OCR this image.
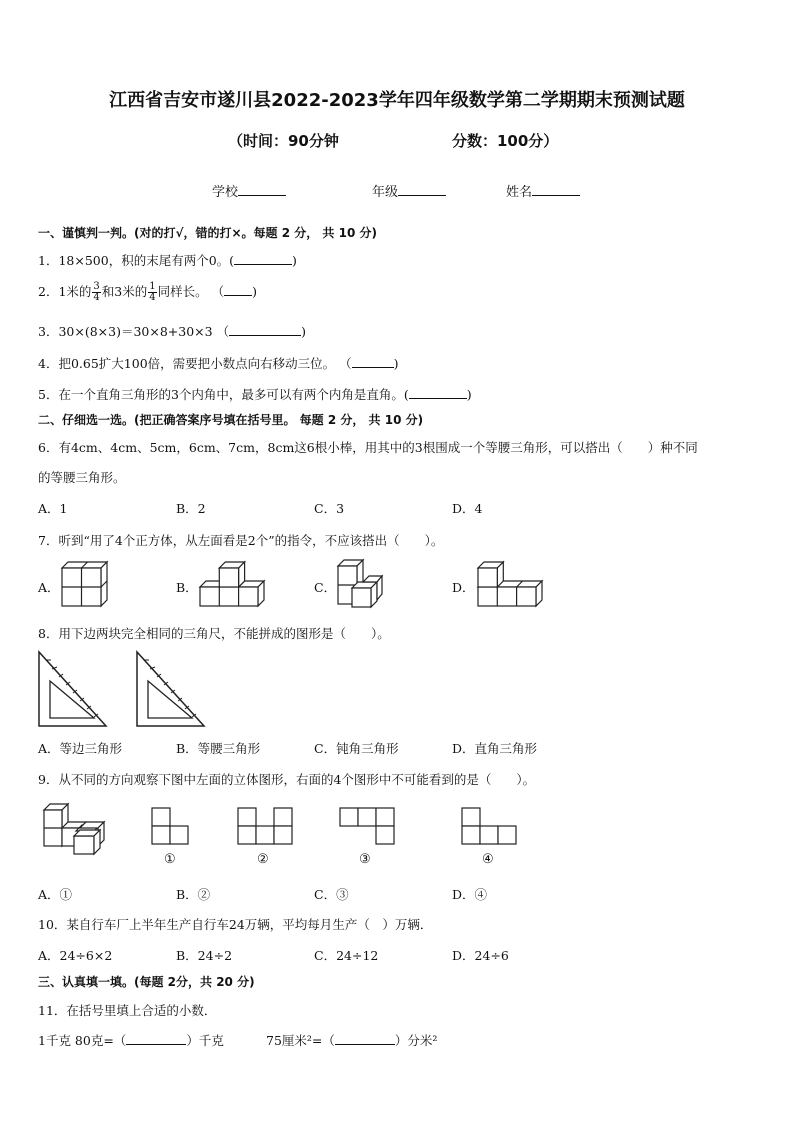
江西省吉安市遂川县2022-2023学年四年级数学第二学期期末预测试题
（时间：90分钟	分数：100分）
学校	年级	姓名
一、谨慎判一判。(对的打√，错的打×。每题 2 分， 共 10 分)
1．18×500，积的末尾有两个0。(	)
2．1米的 $\frac{3}{4}$ 和3米的 $\frac{1}{4}$ 同样长。 （ )
3．30×(8×3)＝30×8+30×3 （	)
4．把0.65扩大100倍，需要把小数点向右移动三位。 （	)
5．在一个直角三角形的3个内角中，最多可以有两个内角是直角。(	)
二、仔细选一选。(把正确答案序号填在括号里。 每题 2 分， 共 10 分)
6．有4cm、4cm、5cm，6cm、7cm，8cm这6根小棒，用其中的3根围成一个等腰三角形，可以搭出（　　）种不同
的等腰三角形。
A．1	B．2	C．3	D．4
7．听到“用了4个正方体，从左面看是2个”的指令，不应该搭出（　　）。
A．	B．	C．	D．
8．用下边两块完全相同的三角尺，不能拼成的图形是（　　）。
A．等边三角形	B．等腰三角形	C．钝角三角形	D．直角三角形
9．从不同的方向观察下图中左面的立体图形，右面的4个图形中不可能看到的是（　　）。
①	②	③	④
A．①	B．②	C．③	D．④
10．某自行车厂上半年生产自行车24万辆，平均每月生产（　）万辆．
A．24÷6×2	B．24÷2	C．24÷12	D．24÷6
三、认真填一填。(每题 2分，共 20 分)
11．在括号里填上合适的小数．
1千克 80克=（	）千克	75厘米²=（	）分米²
